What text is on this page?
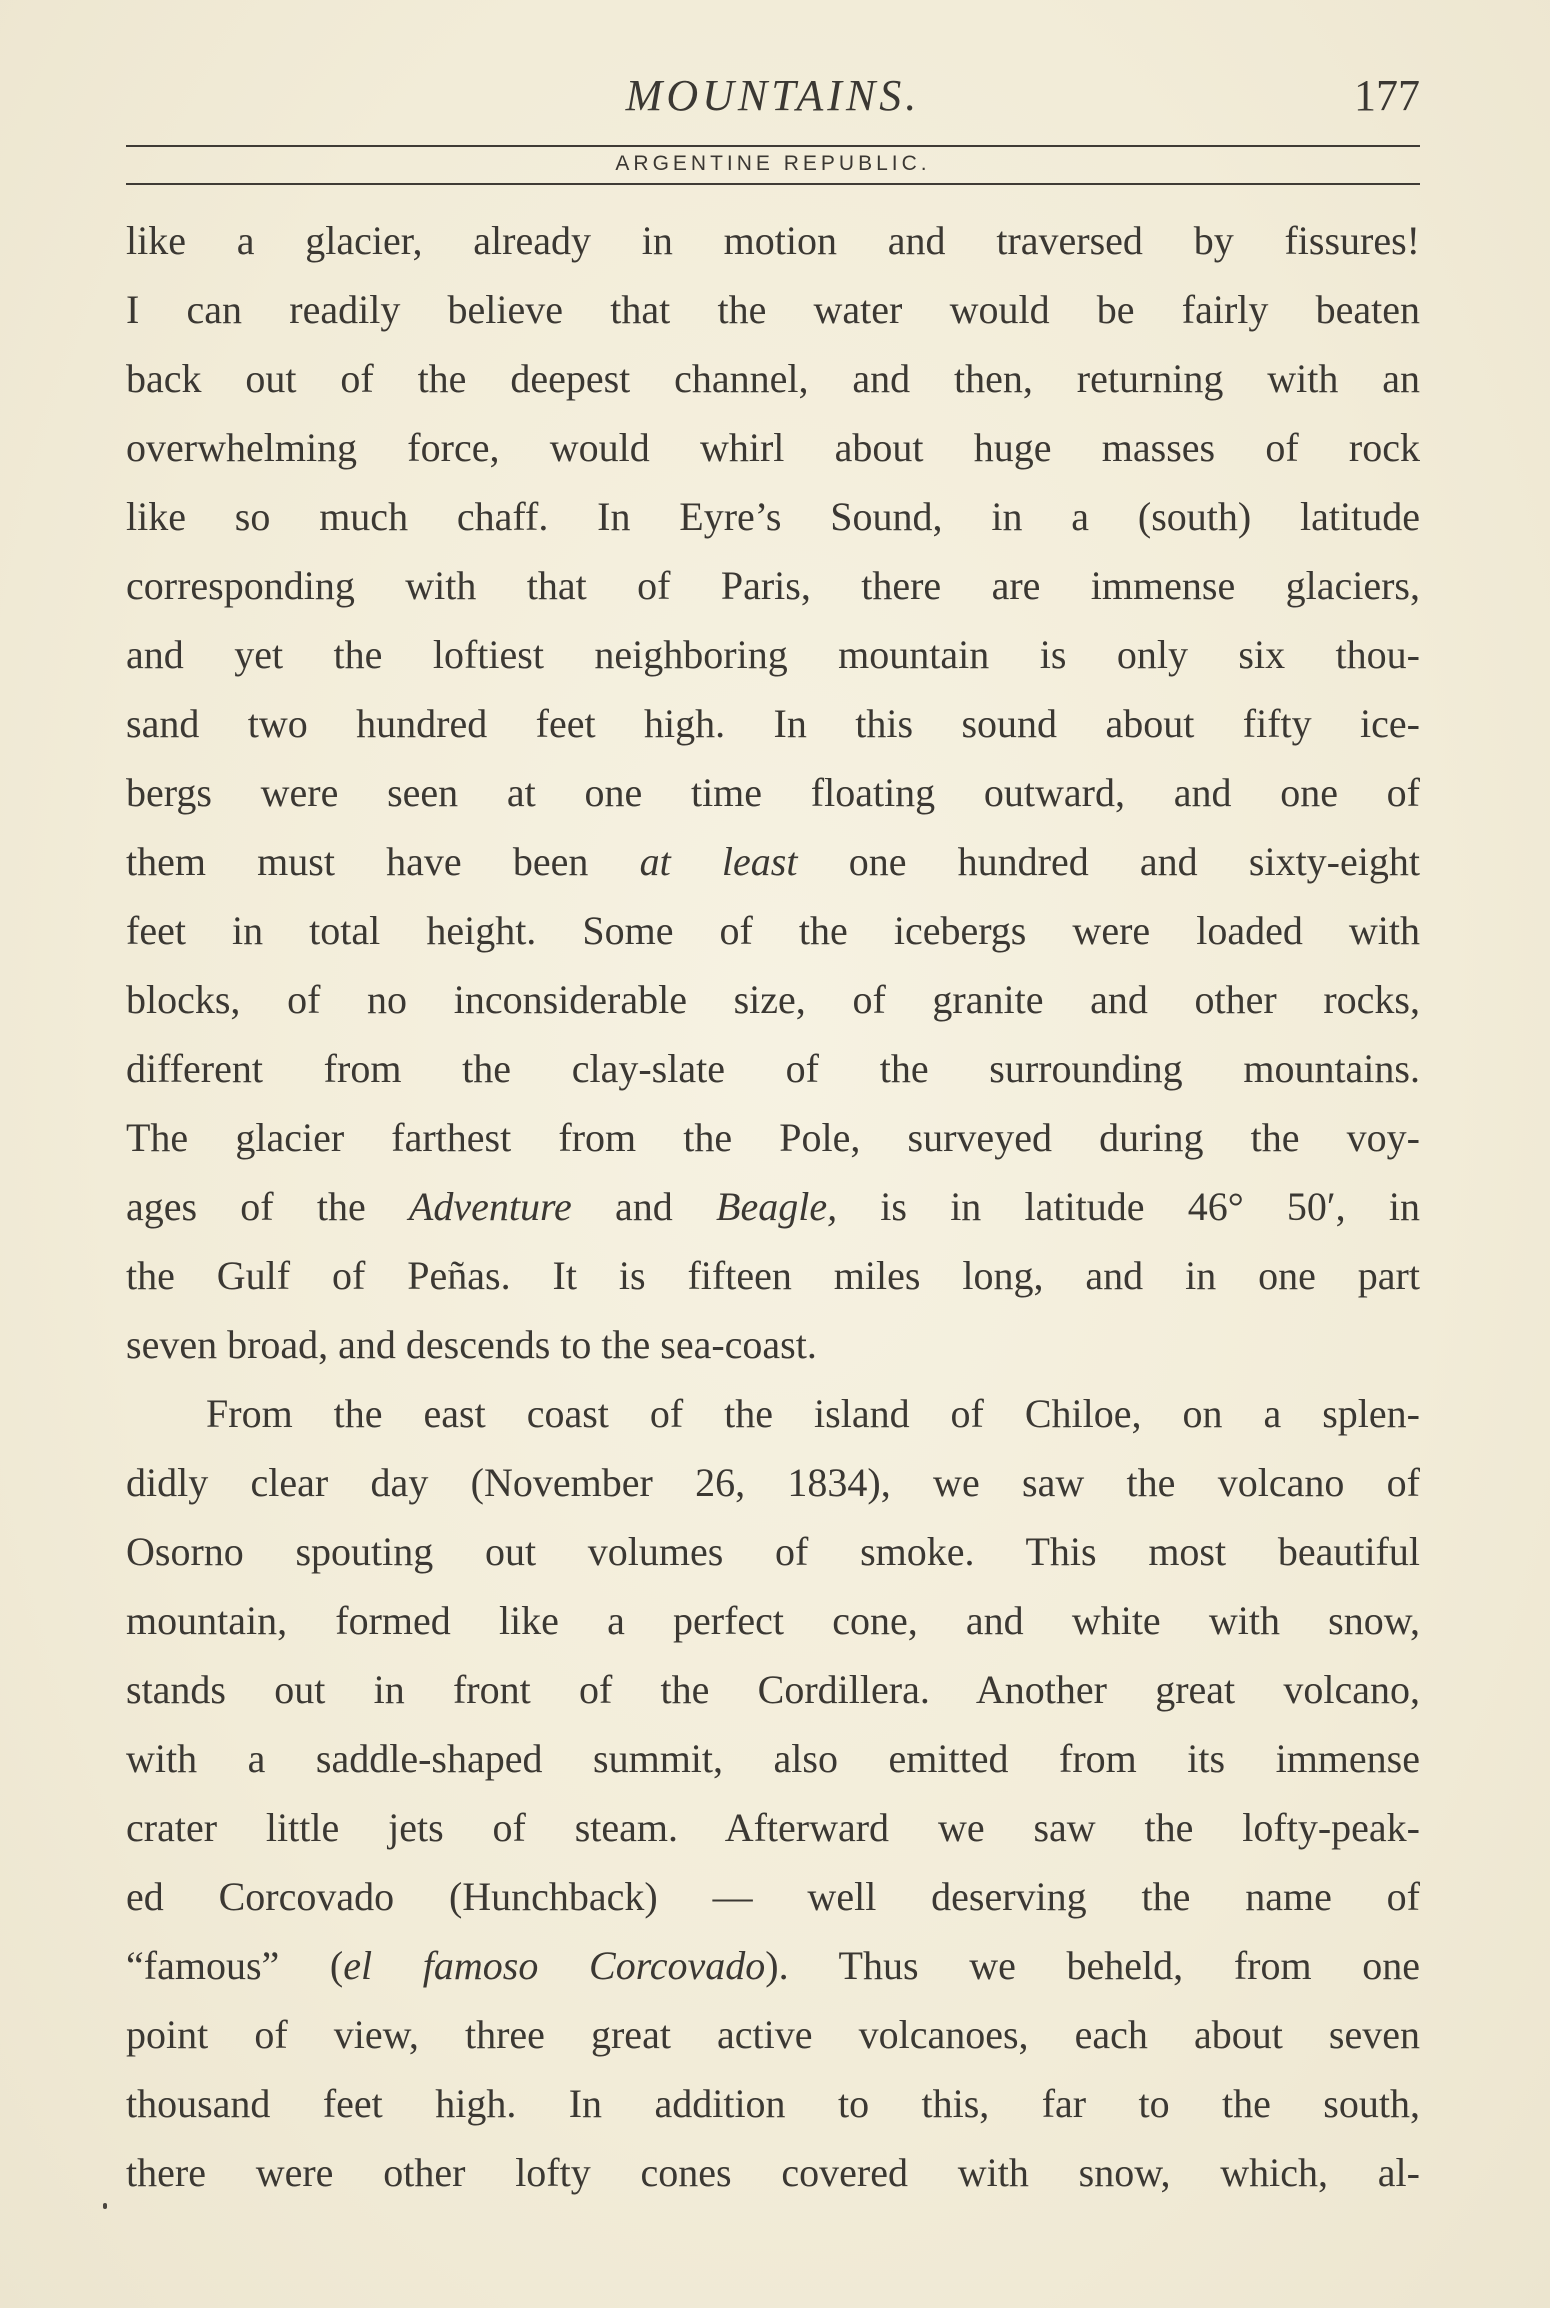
MOUNTAINS.	177
ARGENTINE REPUBLIC.
like a glacier, already in motion and traversed by fissures!
I can readily believe that the water would be fairly beaten
back out of the deepest channel, and then, returning with an
overwhelming force, would whirl about huge masses of rock
like so much chaff. In Eyre’s Sound, in a (south) latitude
corresponding with that of Paris, there are immense glaciers,
and yet the loftiest neighboring mountain is only six thou-
sand two hundred feet high. In this sound about fifty ice-
bergs were seen at one time floating outward, and one of
them must have been at least one hundred and sixty-eight
feet in total height. Some of the icebergs were loaded with
blocks, of no inconsiderable size, of granite and other rocks,
different from the clay-slate of the surrounding mountains.
The glacier farthest from the Pole, surveyed during the voy-
ages of the Adventure and Beagle, is in latitude 46° 50′, in
the Gulf of Peñas. It is fifteen miles long, and in one part
seven broad, and descends to the sea-coast.
From the east coast of the island of Chiloe, on a splen-
didly clear day (November 26, 1834), we saw the volcano of
Osorno spouting out volumes of smoke. This most beautiful
mountain, formed like a perfect cone, and white with snow,
stands out in front of the Cordillera. Another great volcano,
with a saddle-shaped summit, also emitted from its immense
crater little jets of steam. Afterward we saw the lofty-peak-
ed Corcovado (Hunchback) — well deserving the name of
“famous” (el famoso Corcovado). Thus we beheld, from one
point of view, three great active volcanoes, each about seven
thousand feet high. In addition to this, far to the south,
there were other lofty cones covered with snow, which, al-
